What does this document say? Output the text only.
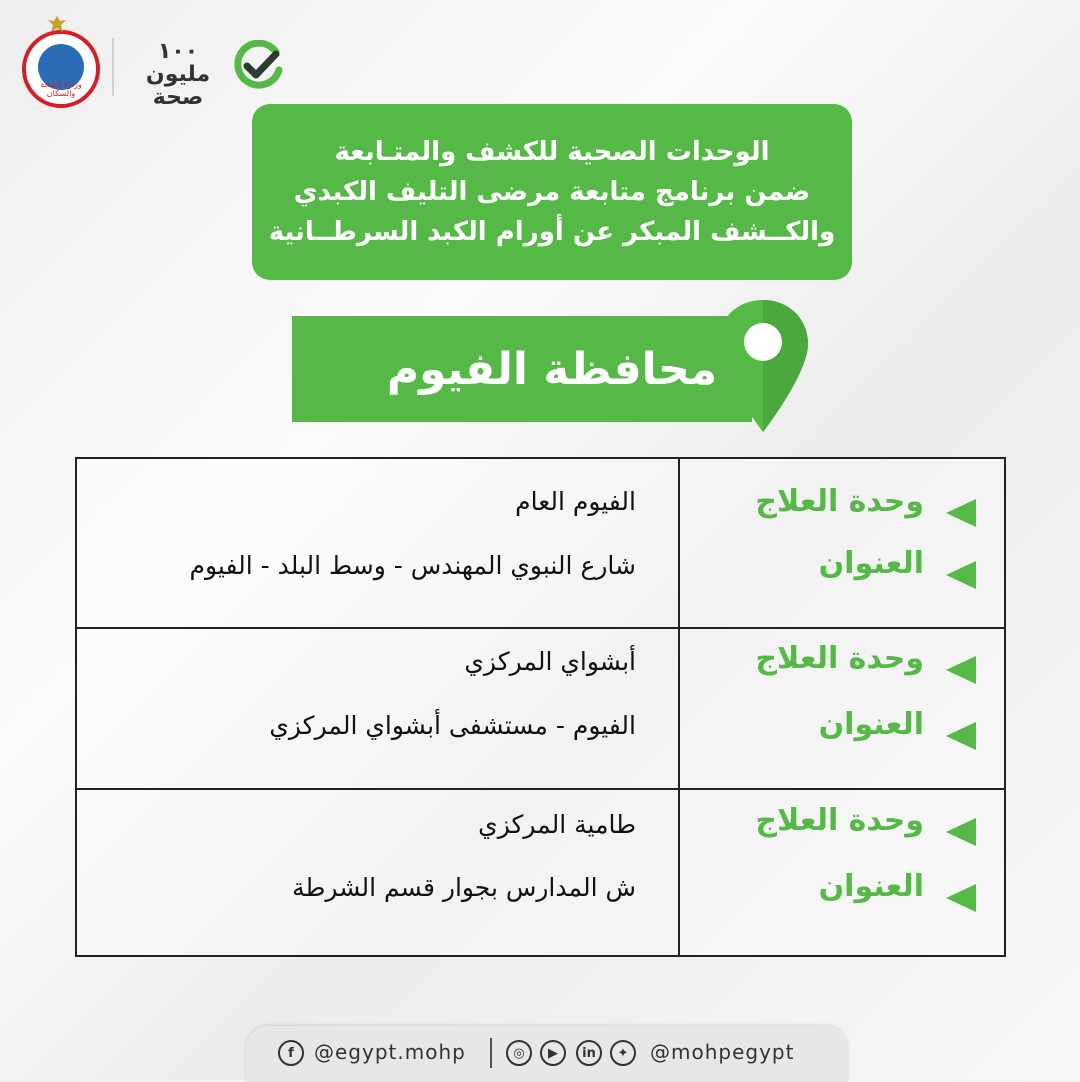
وزارة الصحة والسكان
١٠٠ مليون
صحة
الوحدات الصحية للكشف والمتـابعة
ضمن برنامج متابعة مرضى التليف الكبدي
والكــشف المبكر عن أورام الكبد السرطــانية
محافظة الفيوم
وحدة العلاج
الفيوم العام
العنوان
شارع النبوي المهندس - وسط البلد - الفيوم
وحدة العلاج
أبشواي المركزي
العنوان
الفيوم - مستشفى أبشواي المركزي
وحدة العلاج
طامية المركزي
العنوان
ش المدارس بجوار قسم الشرطة
f	@egypt.mohp	◎	▶	in	✦	@mohpegypt
